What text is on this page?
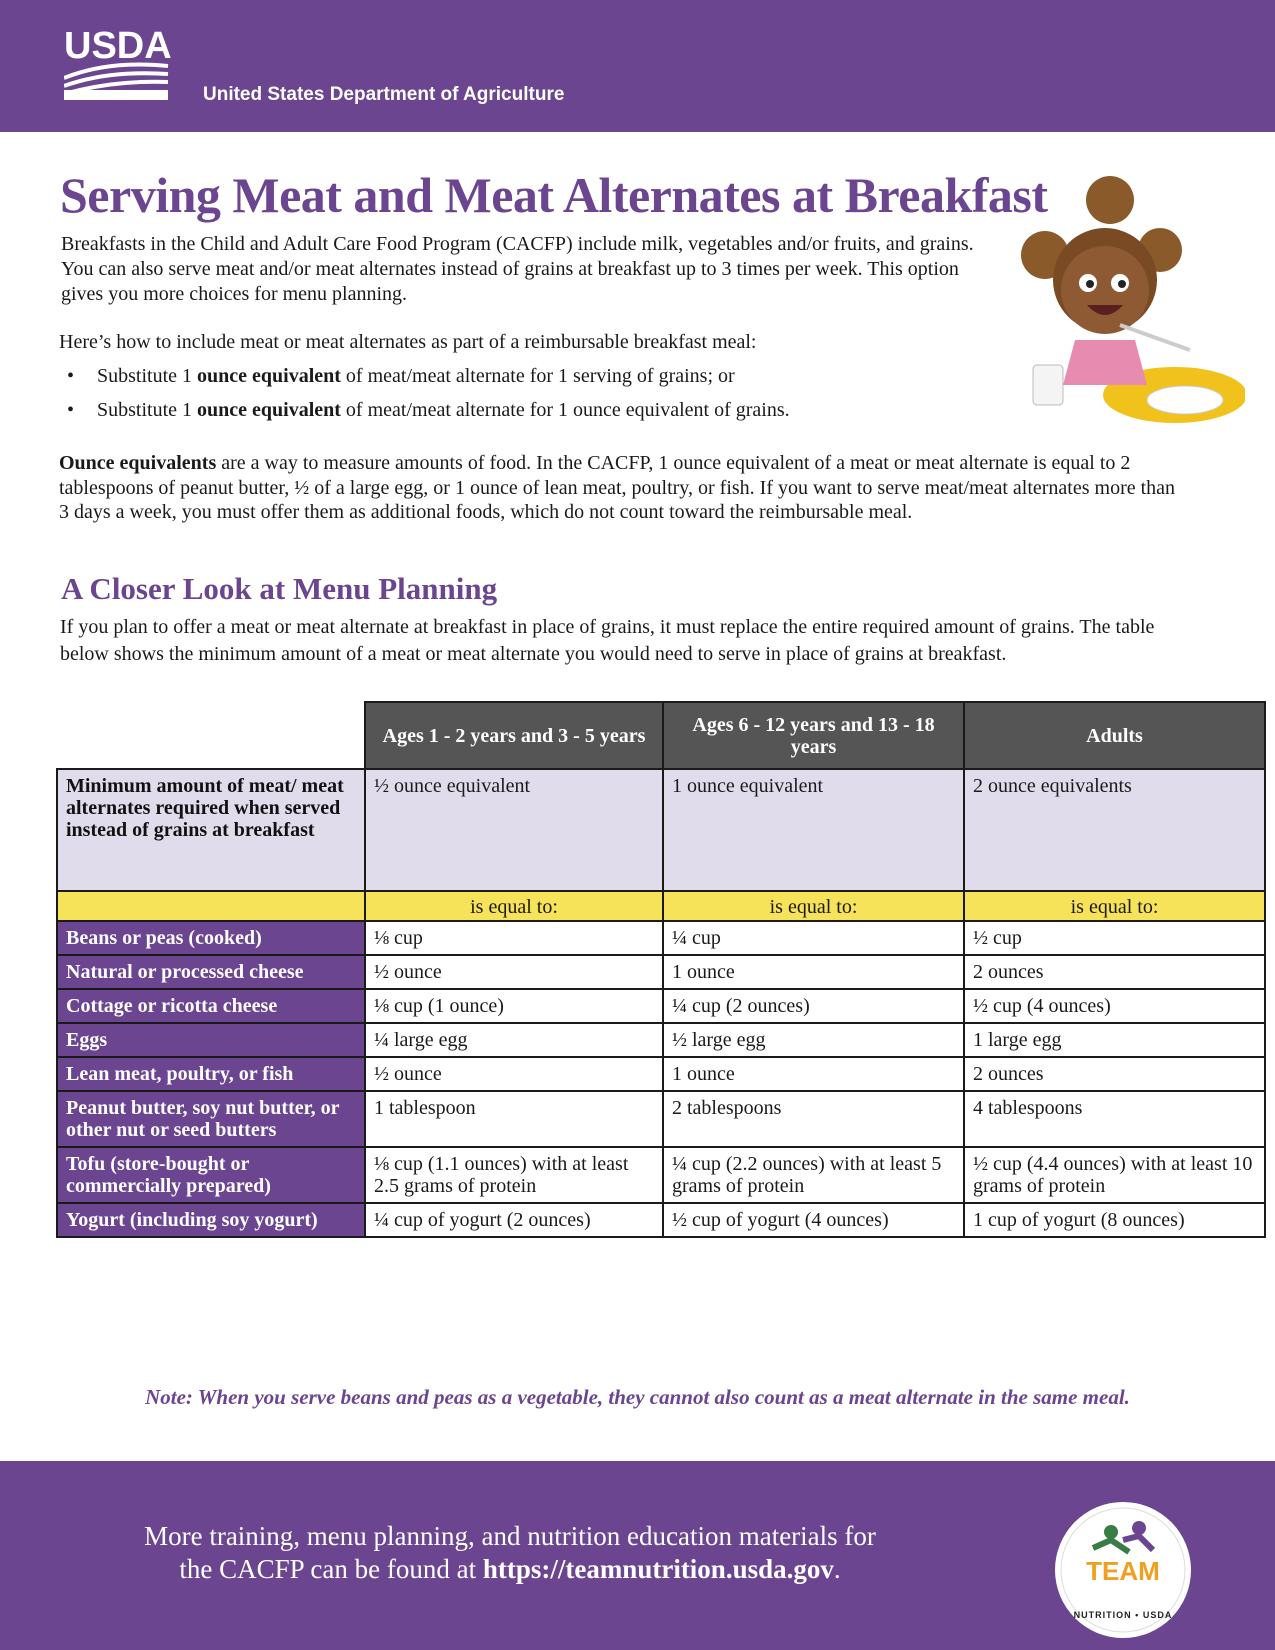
USDA
United States Department of Agriculture
Serving Meat and Meat Alternates at Breakfast

Breakfasts in the Child and Adult Care Food Program (CACFP) include milk, vegetables and/or fruits, and grains. You can also serve meat and/or meat alternates instead of grains at breakfast up to 3 times per week. This option gives you more choices for menu planning.

Here’s how to include meat or meat alternates as part of a reimbursable breakfast meal:

• Substitute 1 ounce equivalent of meat/meat alternate for 1 serving of grains; or
• Substitute 1 ounce equivalent of meat/meat alternate for 1 ounce equivalent of grains.

Ounce equivalents are a way to measure amounts of food. In the CACFP, 1 ounce equivalent of a meat or meat alternate is equal to 2 tablespoons of peanut butter, ½ of a large egg, or 1 ounce of lean meat, poultry, or fish. If you want to serve meat/meat alternates more than 3 days a week, you must offer them as additional foods, which do not count toward the reimbursable meal.

A Closer Look at Menu Planning

If you plan to offer a meat or meat alternate at breakfast in place of grains, it must replace the entire required amount of grains. The table below shows the minimum amount of a meat or meat alternate you would need to serve in place of grains at breakfast.

	Ages 1 - 2 years and 3 - 5 years	Ages 6 - 12 years and 13 - 18 years	Adults
Minimum amount of meat/ meat alternates required when served instead of grains at breakfast	½ ounce equivalent	1 ounce equivalent	2 ounce equivalents
	is equal to:	is equal to:	is equal to:
Beans or peas (cooked)	⅛ cup	¼ cup	½ cup
Natural or processed cheese	½ ounce	1 ounce	2 ounces
Cottage or ricotta cheese	⅛ cup (1 ounce)	¼ cup (2 ounces)	½ cup (4 ounces)
Eggs	¼ large egg	½ large egg	1 large egg
Lean meat, poultry, or fish	½ ounce	1 ounce	2 ounces
Peanut butter, soy nut butter, or other nut or seed butters	1 tablespoon	2 tablespoons	4 tablespoons
Tofu (store-bought or commercially prepared)	⅛ cup (1.1 ounces) with at least 2.5 grams of protein	¼ cup (2.2 ounces) with at least 5 grams of protein	½ cup (4.4 ounces) with at least 10 grams of protein
Yogurt (including soy yogurt)	¼ cup of yogurt (2 ounces)	½ cup of yogurt (4 ounces)	1 cup of yogurt (8 ounces)

Note: When you serve beans and peas as a vegetable, they cannot also count as a meat alternate in the same meal.

More training, menu planning, and nutrition education materials for the CACFP can be found at https://teamnutrition.usda.gov.	TEAM
NUTRITION • USDA
